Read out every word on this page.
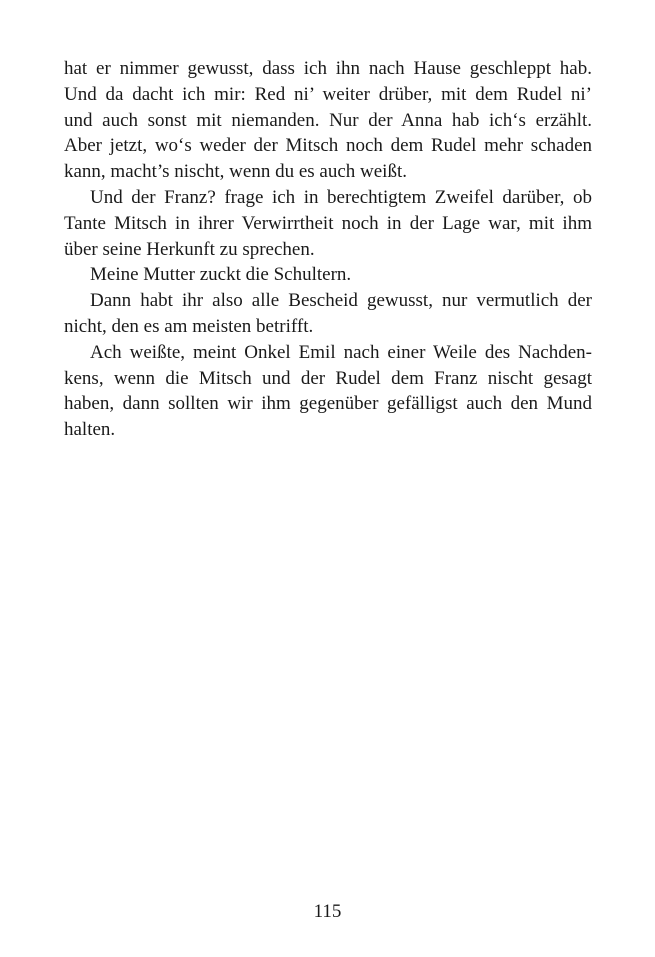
hat er nimmer gewusst, dass ich ihn nach Hause geschleppt hab.
Und da dacht ich mir: Red ni’ weiter drüber, mit dem Rudel ni’
und auch sonst mit niemanden. Nur der Anna hab ich‘s erzählt.
Aber jetzt, wo‘s weder der Mitsch noch dem Rudel mehr schaden
kann, macht’s nischt, wenn du es auch weißt.
Und der Franz? frage ich in berechtigtem Zweifel darüber, ob
Tante Mitsch in ihrer Verwirrtheit noch in der Lage war, mit ihm
über seine Herkunft zu sprechen.
Meine Mutter zuckt die Schultern.
Dann habt ihr also alle Bescheid gewusst, nur vermutlich der
nicht, den es am meisten betrifft.
Ach weißte, meint Onkel Emil nach einer Weile des Nachden-
kens, wenn die Mitsch und der Rudel dem Franz nischt gesagt
haben, dann sollten wir ihm gegenüber gefälligst auch den Mund
halten.
115
